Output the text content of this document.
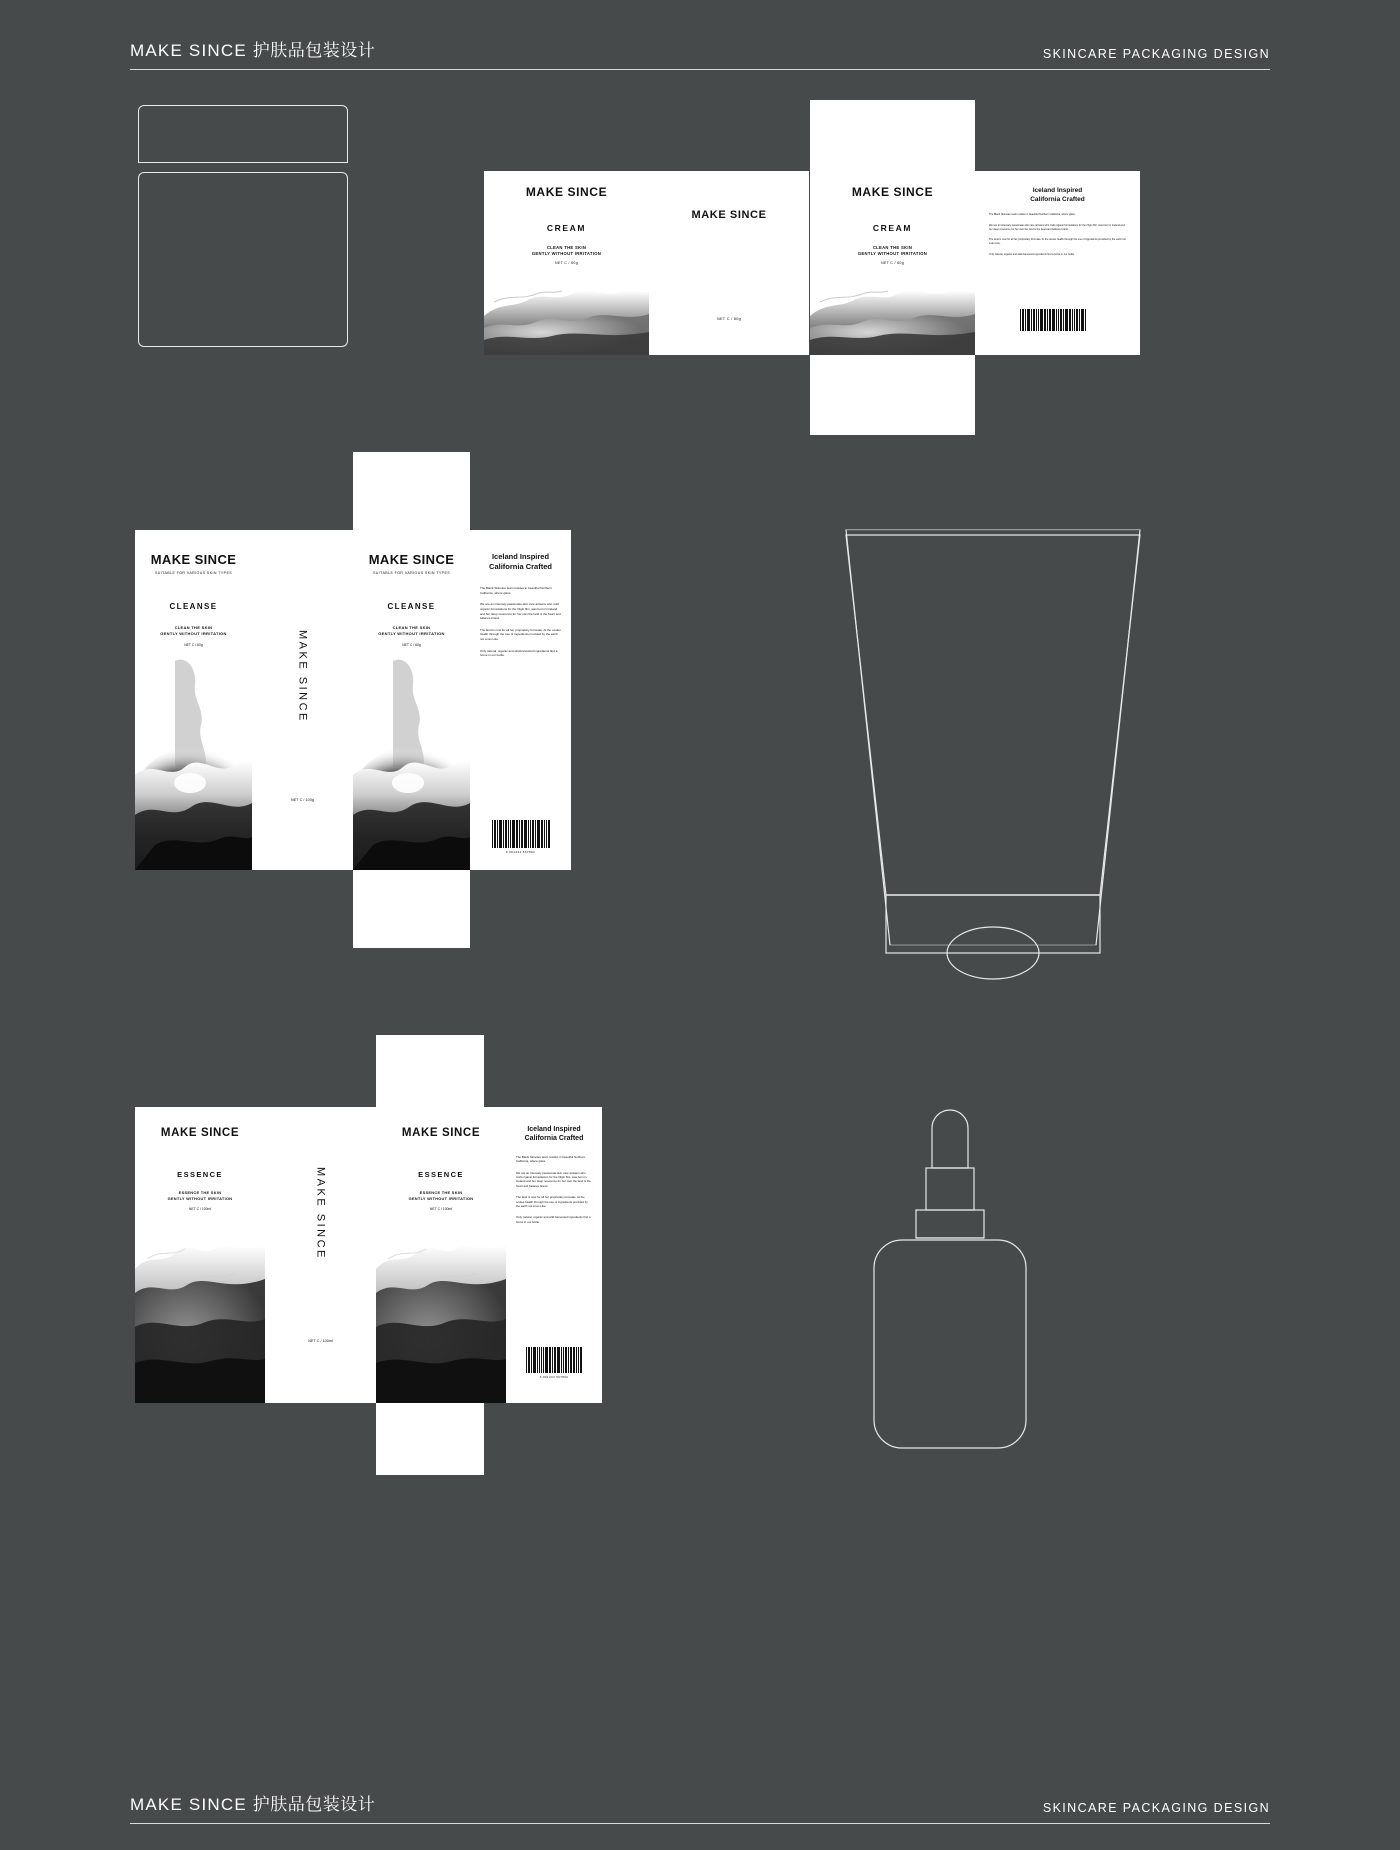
MAKE SINCE 护肤品包装设计	SKINCARE PACKAGING DESIGN
MAKE SINCE
CREAM
CLEAN THE SKIN
GENTLY WITHOUT IRRITATION
NET C / 60g
MAKE SINCE
NET C / 60g
MAKE SINCE
CREAM
CLEAN THE SKIN
GENTLY WITHOUT IRRITATION
NET C / 60g
Iceland Inspired
California Crafted

The Blank Skincare team resides in beautiful Northern California, where glass.

We are an intensely passionate skin care artisans who craft organic formulations for the Olgin film, was born in Iceland and her deep reverence for her own the land is the heart and balance brand.

The land is now for all her proprietary formulas. At the ocules health through the use of ingredients provided by the earth not a tan Like.

Only natural, organic and wild-harvested ingredients find a home in our bottle.

MAKE SINCE
SUITABLE FOR VARIOUS SKIN TYPES
CLEANSE
CLEAN THE SKIN
GENTLY WITHOUT IRRITATION
NET C / 60g	MAKE SINCE
NET C / 100g
MAKE SINCE
SUITABLE FOR VARIOUS SKIN TYPES
CLEANSE
CLEAN THE SKIN
GENTLY WITHOUT IRRITATION
NET C / 60g
Iceland Inspired
California Crafted

The Blank Skincare team resides in beautiful Northern California, where glass.

We are an intensely passionate skin care artisans who craft organic formulations for the Olgin film, was born in Iceland and her deep reverence for her own the land is the heart and balance brand.

The land is now for all her proprietary formulas. At the ocules health through the use of ingredients provided by the earth not a tan Like.

Only natural, organic and wild-harvested ingredients find a home in our bottle.

6 901234 567892
MAKE SINCE
ESSENCE
ESSENCE THE SKIN
GENTLY WITHOUT IRRITATION
NET C / 100ml	MAKE SINCE
NET C / 100ml
MAKE SINCE
ESSENCE
ESSENCE THE SKIN
GENTLY WITHOUT IRRITATION
NET C / 100ml
Iceland Inspired
California Crafted

The Blank Skincare team resides in beautiful Northern California, where glass.

We are an intensely passionate skin care artisans who craft organic formulations for the Olgin film, was born in Iceland and her deep reverence for her own the land is the heart and balance brand.

The land is now for all her proprietary formulas. At the ocules health through the use of ingredients provided by the earth not a tan Like.

Only natural, organic and wild-harvested ingredients find a home in our bottle.

6 901234 567892
MAKE SINCE 护肤品包装设计	SKINCARE PACKAGING DESIGN
